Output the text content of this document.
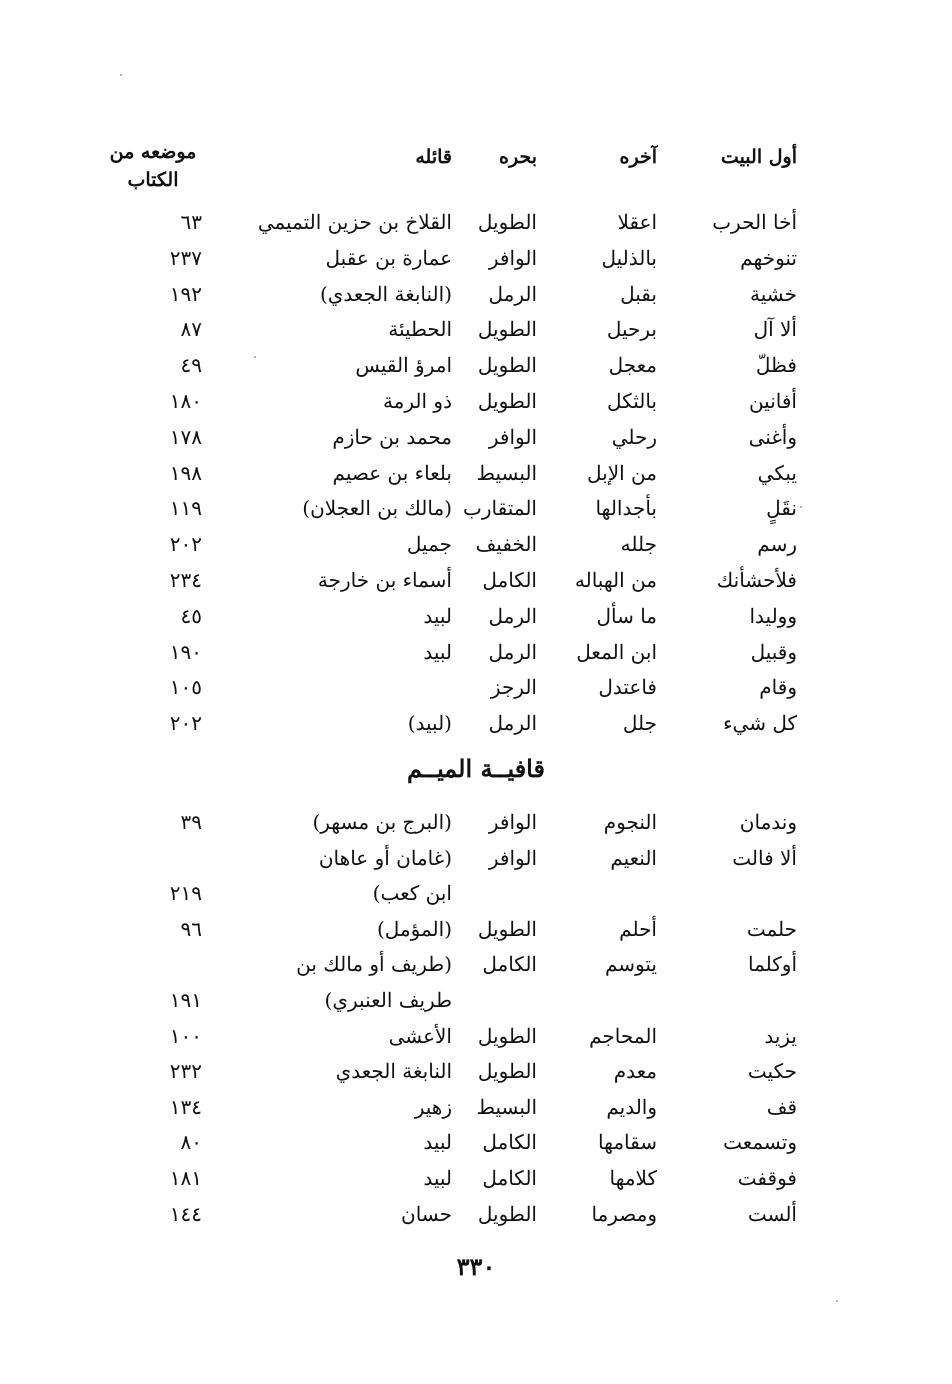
أول البيت
آخره
بحره
قائله
موضعه من
الكتاب
أخا الحرب
اعقلا
الطويل
القلاخ بن حزين التميمي
٦٣
تنوخهم
بالذليل
الوافر
عمارة بن عقبل
٢٣٧
خشية
بقبل
الرمل
(النابغة الجعدي)
١٩٢
ألا آل
برحيل
الطويل
الحطيئة
٨٧
فظلّ
معجل
الطويل
امرؤ القيس
٤٩
أفانين
بالثكل
الطويل
ذو الرمة
١٨٠
وأغنى
رحلي
الوافر
محمد بن حازم
١٧٨
يبكي
من الإبل
البسيط
بلعاء بن عصيم
١٩٨
نقَلٍ
بأجدالها
المتقارب
(مالك بن العجلان)
١١٩
رسم
جلله
الخفيف
جميل
٢٠٢
فلأحشأنك
من الهباله
الكامل
أسماء بن خارجة
٢٣٤
ووليدا
ما سأل
الرمل
لبيد
٤٥
وقبيل
ابن المعل
الرمل
لبيد
١٩٠
وقام
فاعتدل
الرجز
١٠٥
كل شيء
جلل
الرمل
(لبيد)
٢٠٢
قافيــة الميــم
وندمان
النجوم
الوافر
(البرج بن مسهر)
٣٩
ألا فالت
النعيم
الوافر
(غامان أو عاهان
ابن كعب)
٢١٩
حلمت
أحلم
الطويل
(المؤمل)
٩٦
أوكلما
يتوسم
الكامل
(طريف أو مالك بن
طريف العنبري)
١٩١
يزيد
المحاجم
الطويل
الأعشى
١٠٠
حكيت
معدم
الطويل
النابغة الجعدي
٢٣٢
قف
والديم
البسيط
زهير
١٣٤
وتسمعت
سقامها
الكامل
لبيد
٨٠
فوقفت
كلامها
الكامل
لبيد
١٨١
ألست
ومصرما
الطويل
حسان
١٤٤
٣٣٠
